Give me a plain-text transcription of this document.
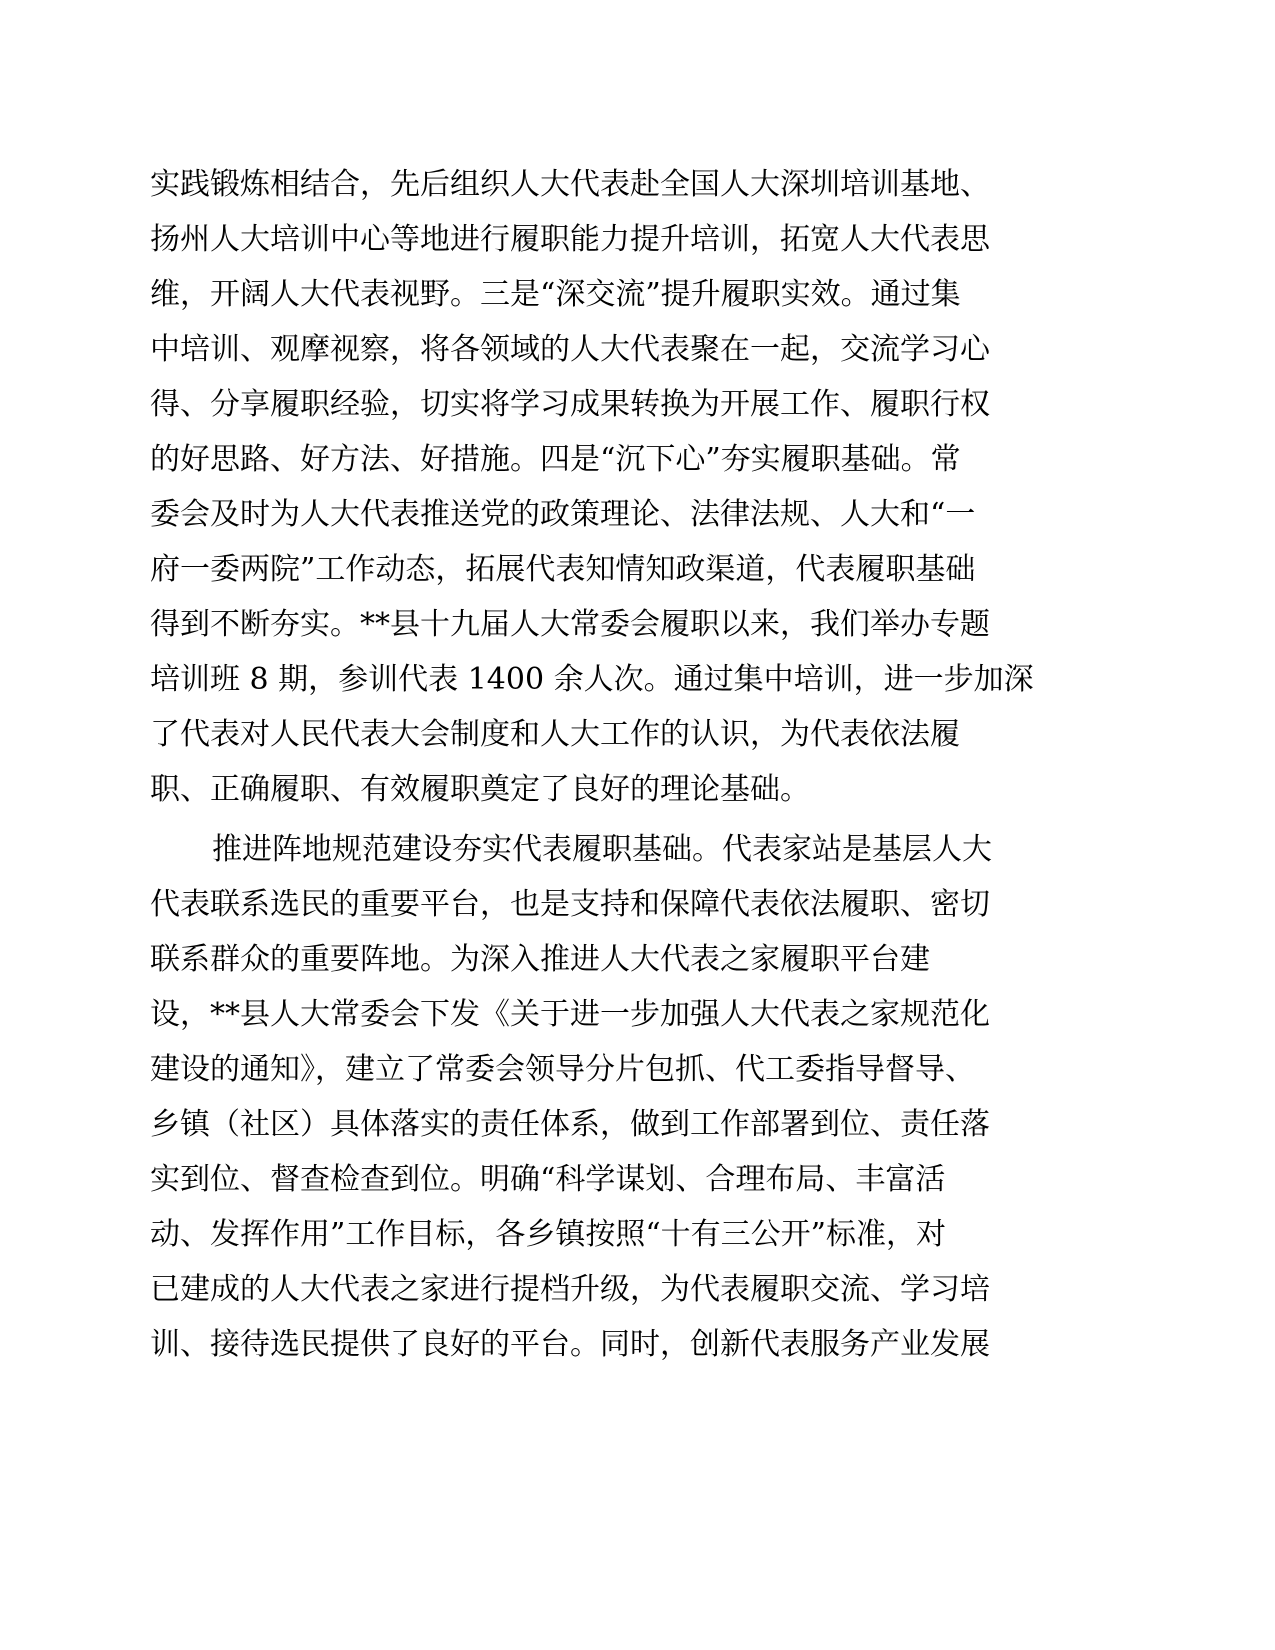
实践锻炼相结合，先后组织人大代表赴全国人大深圳培训基地、
扬州人大培训中心等地进行履职能力提升培训，拓宽人大代表思
维，开阔人大代表视野。三是“深交流”提升履职实效。通过集
中培训、观摩视察，将各领域的人大代表聚在一起，交流学习心
得、分享履职经验，切实将学习成果转换为开展工作、履职行权
的好思路、好方法、好措施。四是“沉下心”夯实履职基础。常
委会及时为人大代表推送党的政策理论、法律法规、人大和“一
府一委两院”工作动态，拓展代表知情知政渠道，代表履职基础
得到不断夯实。**县十九届人大常委会履职以来，我们举办专题
培训班 8 期，参训代表 1400 余人次。通过集中培训，进一步加深
了代表对人民代表大会制度和人大工作的认识，为代表依法履
职、正确履职、有效履职奠定了良好的理论基础。
推进阵地规范建设夯实代表履职基础。代表家站是基层人大
代表联系选民的重要平台，也是支持和保障代表依法履职、密切
联系群众的重要阵地。为深入推进人大代表之家履职平台建
设，**县人大常委会下发《关于进一步加强人大代表之家规范化
建设的通知》，建立了常委会领导分片包抓、代工委指导督导、
乡镇（社区）具体落实的责任体系，做到工作部署到位、责任落
实到位、督查检查到位。明确“科学谋划、合理布局、丰富活
动、发挥作用”工作目标，各乡镇按照“十有三公开”标准，对
已建成的人大代表之家进行提档升级，为代表履职交流、学习培
训、接待选民提供了良好的平台。同时，创新代表服务产业发展
